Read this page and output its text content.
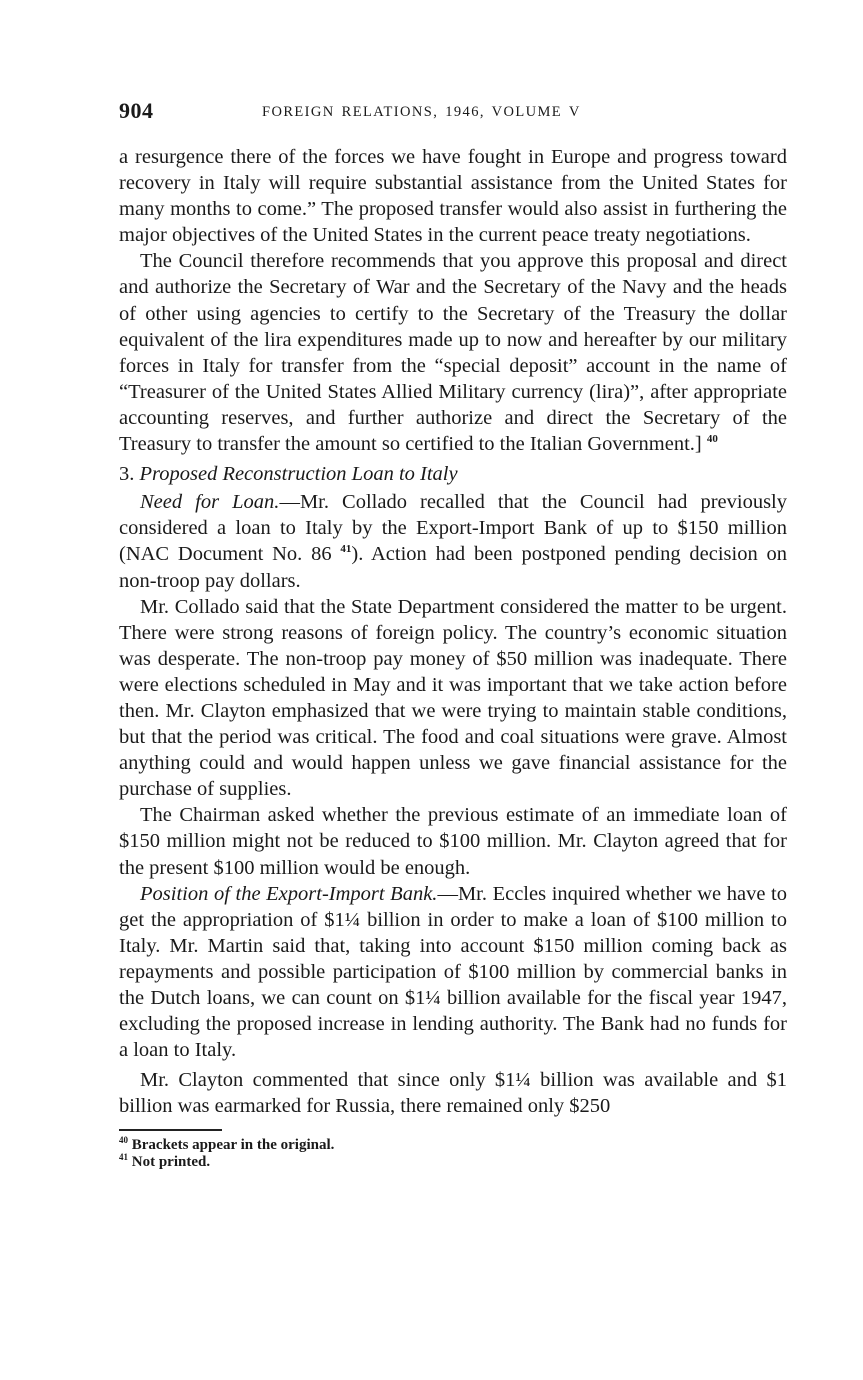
904	FOREIGN RELATIONS, 1946, VOLUME V

a resurgence there of the forces we have fought in Europe and progress toward recovery in Italy will require substantial assistance from the United States for many months to come.” The proposed transfer would also assist in furthering the major objectives of the United States in the current peace treaty negotiations.

The Council therefore recommends that you approve this proposal and direct and authorize the Secretary of War and the Secretary of the Navy and the heads of other using agencies to certify to the Secretary of the Treasury the dollar equivalent of the lira expenditures made up to now and hereafter by our military forces in Italy for transfer from the “special deposit” account in the name of “Treasurer of the United States Allied Military currency (lira)”, after appropriate accounting reserves, and further authorize and direct the Secretary of the Treasury to transfer the amount so certified to the Italian Government.] $^{40}$

3. Proposed Reconstruction Loan to Italy

Need for Loan.—Mr. Collado recalled that the Council had previously considered a loan to Italy by the Export-Import Bank of up to $150 million (NAC Document No. 86 $^{41}$). Action had been postponed pending decision on non-troop pay dollars.

Mr. Collado said that the State Department considered the matter to be urgent. There were strong reasons of foreign policy. The country’s economic situation was desperate. The non-troop pay money of $50 million was inadequate. There were elections scheduled in May and it was important that we take action before then. Mr. Clayton emphasized that we were trying to maintain stable conditions, but that the period was critical. The food and coal situations were grave. Almost anything could and would happen unless we gave financial assistance for the purchase of supplies.

The Chairman asked whether the previous estimate of an immediate loan of $150 million might not be reduced to $100 million. Mr. Clayton agreed that for the present $100 million would be enough.

Position of the Export-Import Bank.—Mr. Eccles inquired whether we have to get the appropriation of $1¼ billion in order to make a loan of $100 million to Italy. Mr. Martin said that, taking into account $150 million coming back as repayments and possible participation of $100 million by commercial banks in the Dutch loans, we can count on $1¼ billion available for the fiscal year 1947, excluding the proposed increase in lending authority. The Bank had no funds for a loan to Italy.

Mr. Clayton commented that since only $1¼ billion was available and $1 billion was earmarked for Russia, there remained only $250

$^{40}$ Brackets appear in the original.
$^{41}$ Not printed.
